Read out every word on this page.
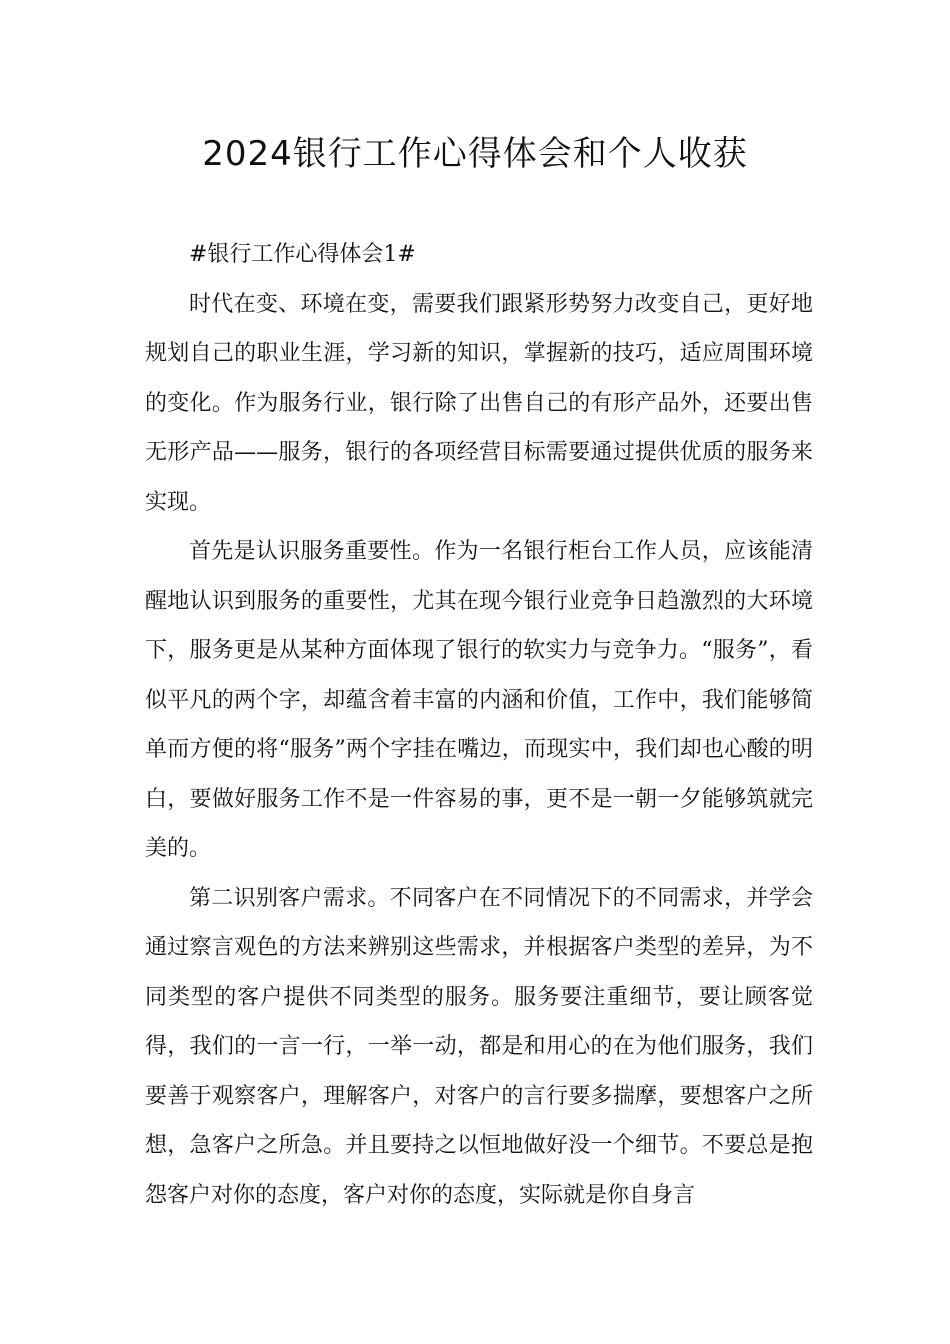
2024银行工作心得体会和个人收获

#银行工作心得体会1#

时代在变、环境在变，需要我们跟紧形势努力改变自己，更好地规划自己的职业生涯，学习新的知识，掌握新的技巧，适应周围环境的变化。作为服务行业，银行除了出售自己的有形产品外，还要出售无形产品——服务，银行的各项经营目标需要通过提供优质的服务来实现。

首先是认识服务重要性。作为一名银行柜台工作人员，应该能清醒地认识到服务的重要性，尤其在现今银行业竞争日趋激烈的大环境下，服务更是从某种方面体现了银行的软实力与竞争力。“服务”，看似平凡的两个字，却蕴含着丰富的内涵和价值，工作中，我们能够简单而方便的将“服务”两个字挂在嘴边，而现实中，我们却也心酸的明白，要做好服务工作不是一件容易的事，更不是一朝一夕能够筑就完美的。

第二识别客户需求。不同客户在不同情况下的不同需求，并学会通过察言观色的方法来辨别这些需求，并根据客户类型的差异，为不同类型的客户提供不同类型的服务。服务要注重细节，要让顾客觉得，我们的一言一行，一举一动，都是和用心的在为他们服务，我们要善于观察客户，理解客户，对客户的言行要多揣摩，要想客户之所想，急客户之所急。并且要持之以恒地做好没一个细节。不要总是抱怨客户对你的态度，客户对你的态度，实际就是你自身言
